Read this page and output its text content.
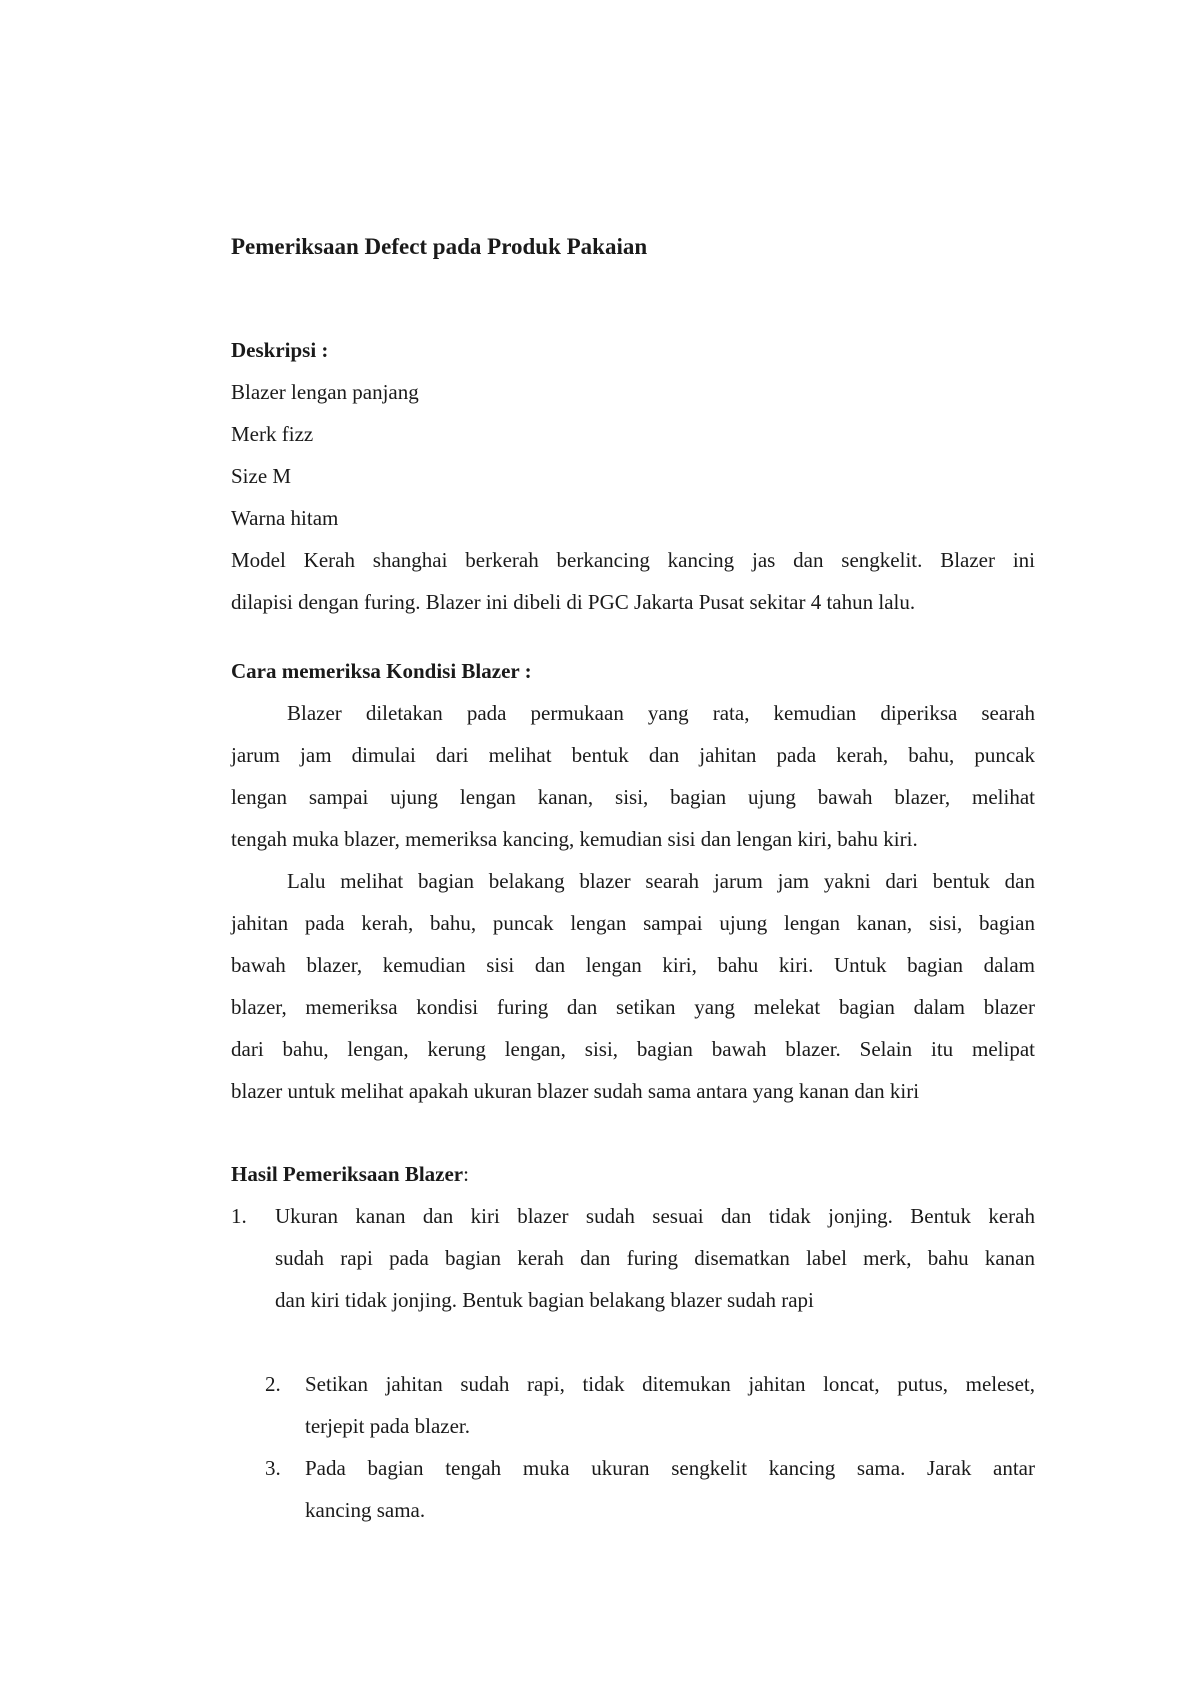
Pemeriksaan Defect pada Produk Pakaian

Deskripsi :

Blazer lengan panjang

Merk fizz

Size M

Warna hitam

Model Kerah shanghai berkerah berkancing kancing jas dan sengkelit. Blazer ini

dilapisi dengan furing. Blazer ini dibeli di PGC Jakarta Pusat sekitar 4 tahun lalu.

Cara memeriksa Kondisi Blazer :

Blazer diletakan pada permukaan yang rata, kemudian diperiksa searah

jarum jam dimulai dari melihat bentuk dan jahitan pada kerah, bahu, puncak

lengan sampai ujung lengan kanan, sisi, bagian ujung bawah blazer, melihat

tengah muka blazer, memeriksa kancing, kemudian sisi dan lengan kiri, bahu kiri.

Lalu melihat bagian belakang blazer searah jarum jam yakni dari bentuk dan

jahitan pada kerah, bahu, puncak lengan sampai ujung lengan kanan, sisi, bagian

bawah blazer, kemudian sisi dan lengan kiri, bahu kiri. Untuk bagian dalam

blazer, memeriksa kondisi furing dan setikan yang melekat bagian dalam blazer

dari bahu, lengan, kerung lengan, sisi, bagian bawah blazer. Selain itu melipat

blazer untuk melihat apakah ukuran blazer sudah sama antara yang kanan dan kiri

Hasil Pemeriksaan Blazer:

1. Ukuran kanan dan kiri blazer sudah sesuai dan tidak jonjing. Bentuk kerah

sudah rapi pada bagian kerah dan furing disematkan label merk, bahu kanan

dan kiri tidak jonjing. Bentuk bagian belakang blazer sudah rapi

2. Setikan jahitan sudah rapi, tidak ditemukan jahitan loncat, putus, meleset,

terjepit pada blazer.

3. Pada bagian tengah muka ukuran sengkelit kancing sama. Jarak antar

kancing sama.
